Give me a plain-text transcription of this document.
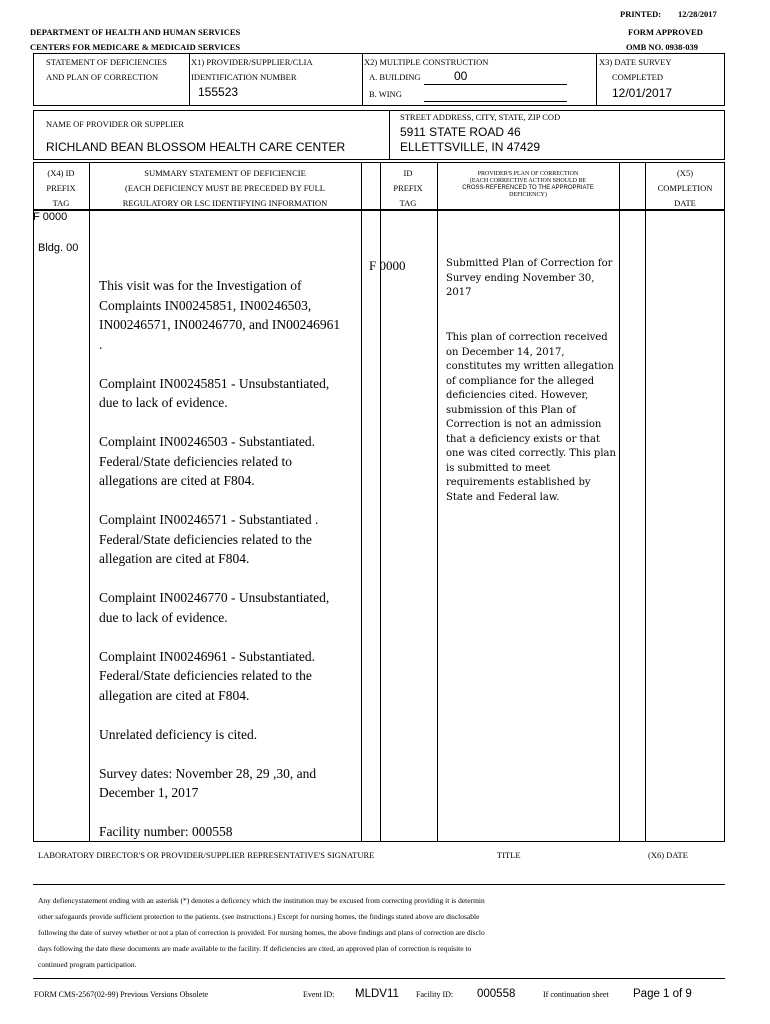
PRINTED: 12/28/2017
DEPARTMENT OF HEALTH AND HUMAN SERVICES	FORM APPROVED
CENTERS FOR MEDICARE & MEDICAID SERVICES	OMB NO. 0938-039
STATEMENT OF DEFICIENCIES
AND PLAN OF CORRECTION
X1) PROVIDER/SUPPLIER/CLIA
IDENTIFICATION NUMBER
155523
X2) MULTIPLE CONSTRUCTION
A. BUILDING	00
B. WING
X3) DATE SURVEY
COMPLETED
12/01/2017
NAME OF PROVIDER OR SUPPLIER
RICHLAND BEAN BLOSSOM HEALTH CARE CENTER
STREET ADDRESS, CITY, STATE, ZIP COD
5911 STATE ROAD 46
ELLETTSVILLE, IN 47429
(X4) ID
PREFIX
TAG
SUMMARY STATEMENT OF DEFICIENCIE
(EACH DEFICIENCY MUST BE PRECEDED BY FULL
REGULATORY OR LSC IDENTIFYING INFORMATION
ID
PREFIX
TAG
PROVIDER'S PLAN OF CORRECTION
(EACH CORRECTIVE ACTION SHOULD BE
CROSS-REFERENCED TO THE APPROPRIATE
DEFICIENCY)
(X5)
COMPLETION
DATE
F 0000
Bldg. 00
F 0000
This visit was for the Investigation of Complaints IN00245851, IN00246503, IN00246571, IN00246770, and IN00246961 .
Complaint IN00245851 - Unsubstantiated, due to lack of evidence.
Complaint IN00246503 - Substantiated. Federal/State deficiencies related to allegations are cited at F804.
Complaint IN00246571 - Substantiated . Federal/State deficiencies related to the allegation are cited at F804.
Complaint IN00246770 - Unsubstantiated, due to lack of evidence.
Complaint IN00246961 - Substantiated. Federal/State deficiencies related to the allegation are cited at F804.
Unrelated deficiency is cited.
Survey dates: November 28, 29 ,30, and December 1, 2017
Facility number: 000558
Submitted Plan of Correction for Survey ending November 30, 2017
This plan of correction received on December 14, 2017, constitutes my written allegation of compliance for the alleged deficiencies cited. However, submission of this Plan of Correction is not an admission that a deficiency exists or that one was cited correctly. This plan is submitted to meet requirements established by State and Federal law.
LABORATORY DIRECTOR'S OR PROVIDER/SUPPLIER REPRESENTATIVE'S SIGNATURE	TITLE	(X6) DATE
Any defiencystatement ending with an asterisk (*) denotes a deficency which the institution may be excused from correcting providing it is determin
other safegaurds provide sufficient protection to the patients. (see instructions.) Except for nursing homes, the findings stated above are disclosable
following the date of survey whether or not a plan of correction is provided. For nursing homes, the above findings and plans of correction are disclo
days following the date these documents are made available to the facility. If deficiencies are cited, an approved plan of correction is requisite to
continued program participation.
FORM CMS-2567(02-99) Previous Versions Obsolete	Event ID: MLDV11 Facility ID: 000558	If continuation sheet Page 1 of 9
